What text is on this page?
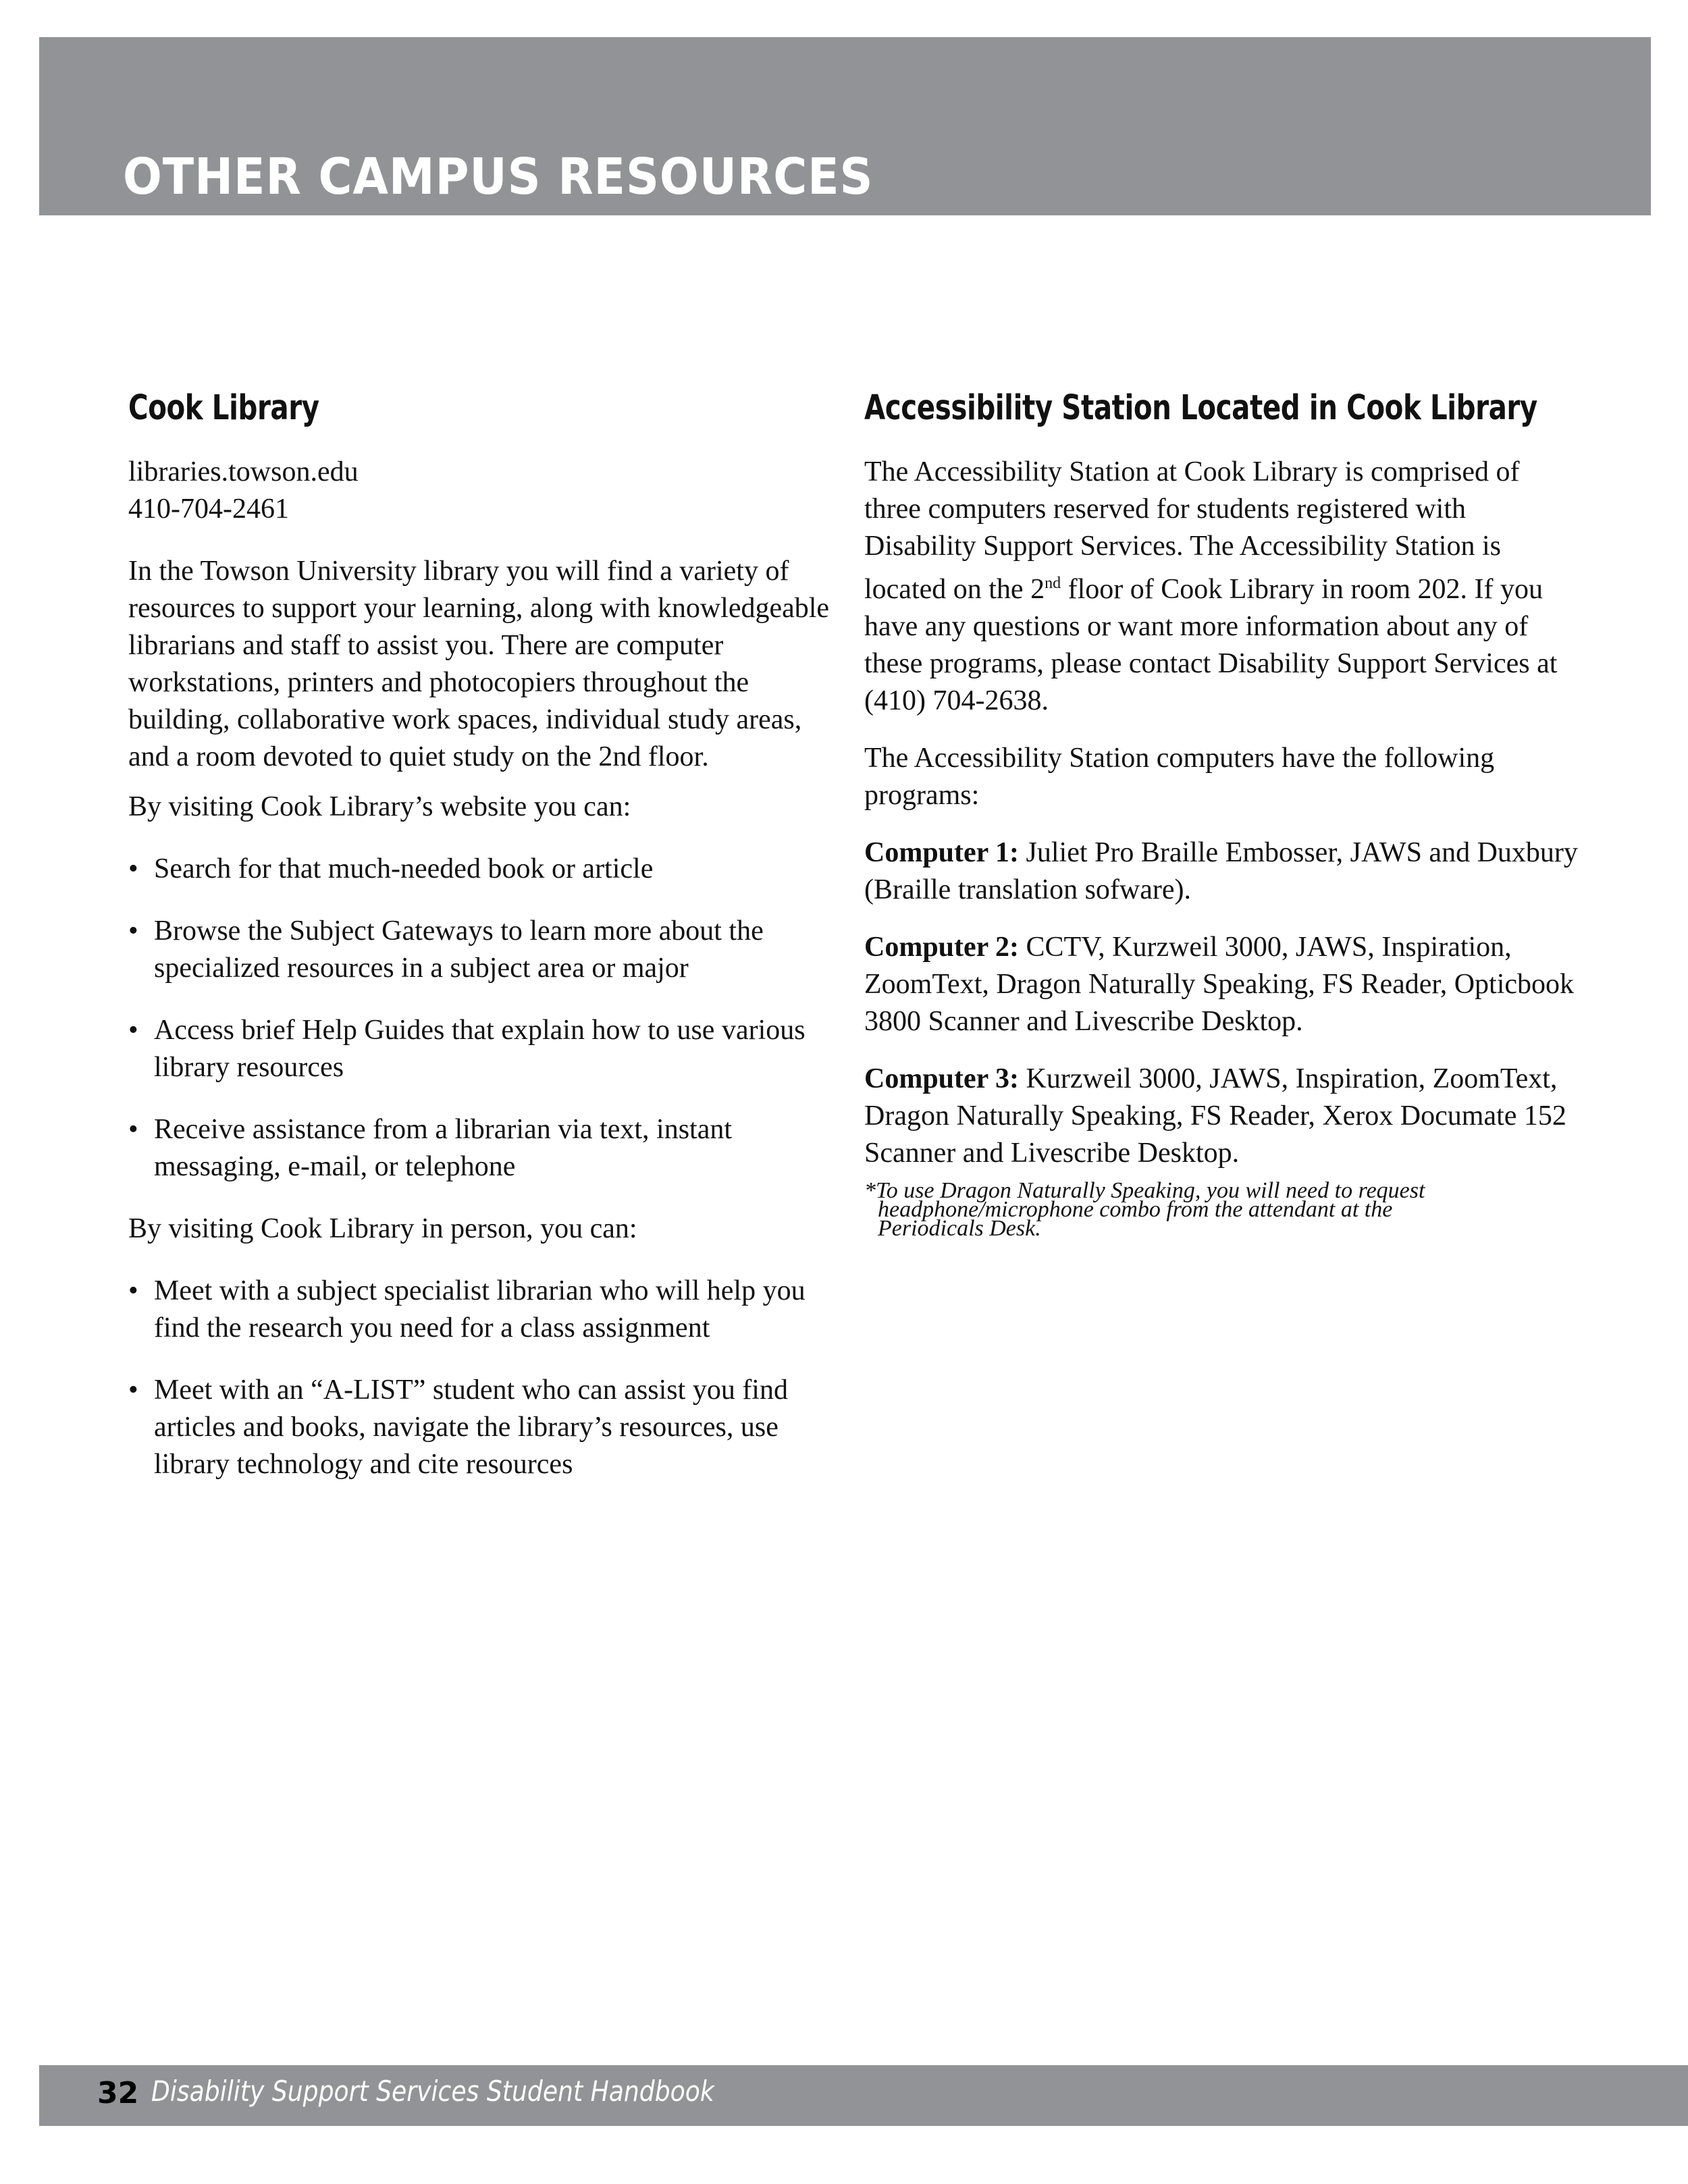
OTHER CAMPUS RESOURCES
Cook Library
libraries.towson.edu
410-704-2461

In the Towson University library you will find a variety of resources to support your learning, along with knowledgeable librarians and staff to assist you. There are computer workstations, printers and photocopiers throughout the building, collaborative work spaces, individual study areas, and a room devoted to quiet study on the 2nd floor.

By visiting Cook Library’s website you can:

• Search for that much-needed book or article
• Browse the Subject Gateways to learn more about the specialized resources in a subject area or major
• Access brief Help Guides that explain how to use various library resources
• Receive assistance from a librarian via text, instant messaging, e-mail, or telephone

By visiting Cook Library in person, you can:

• Meet with a subject specialist librarian who will help you find the research you need for a class assignment
• Meet with an “A-LIST” student who can assist you find articles and books, navigate the library’s resources, use library technology and cite resources
Accessibility Station Located in Cook Library

The Accessibility Station at Cook Library is comprised of three computers reserved for students registered with Disability Support Services. The Accessibility Station is located on the 2nd floor of Cook Library in room 202. If you have any questions or want more information about any of these programs, please contact Disability Support Services at (410) 704-2638.

The Accessibility Station computers have the following programs:

Computer 1: Juliet Pro Braille Embosser, JAWS and Duxbury (Braille translation sofware).

Computer 2: CCTV, Kurzweil 3000, JAWS, Inspiration, ZoomText, Dragon Naturally Speaking, FS Reader, Opticbook 3800 Scanner and Livescribe Desktop.

Computer 3: Kurzweil 3000, JAWS, Inspiration, ZoomText, Dragon Naturally Speaking, FS Reader, Xerox Documate 152 Scanner and Livescribe Desktop.

*To use Dragon Naturally Speaking, you will need to request
headphone/microphone combo from the attendant at the
Periodicals Desk.
32 Disability Support Services Student Handbook
